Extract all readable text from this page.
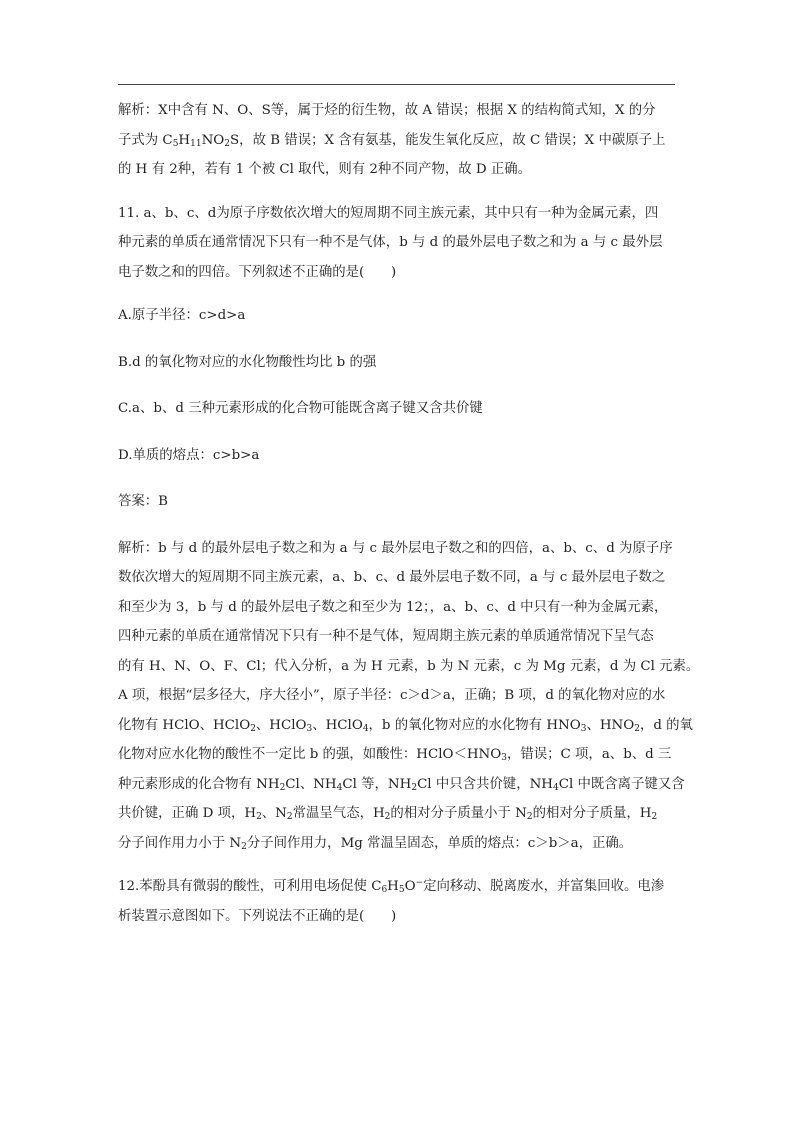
解析：X中含有 N、O、S等，属于烃的衍生物，故 A 错误；根据 X 的结构简式知，X 的分
子式为 $C_5H_{11}NO_2S$，故 B 错误；X 含有氨基，能发生氧化反应，故 C 错误；X 中碳原子上
的 H 有 2种，若有 1 个被 Cl 取代，则有 2种不同产物，故 D 正确。

11. a、b、c、d为原子序数依次增大的短周期不同主族元素，其中只有一种为金属元素，四
种元素的单质在通常情况下只有一种不是气体，b 与 d 的最外层电子数之和为 a 与 c 最外层
电子数之和的四倍。下列叙述不正确的是(　　)

A.原子半径：c>d>a

B.d 的氧化物对应的水化物酸性均比 b 的强

C.a、b、d 三种元素形成的化合物可能既含离子键又含共价键

D.单质的熔点：c>b>a

答案：B

解析：b 与 d 的最外层电子数之和为 a 与 c 最外层电子数之和的四倍，a、b、c、d 为原子序
数依次增大的短周期不同主族元素，a、b、c、d 最外层电子数不同，a 与 c 最外层电子数之
和至少为 3，b 与 d 的最外层电子数之和至少为 12；，a、b、c、d 中只有一种为金属元素，
四种元素的单质在通常情况下只有一种不是气体，短周期主族元素的单质通常情况下呈气态
的有 H、N、O、F、Cl；代入分析，a 为 H 元素，b 为 N 元素，c 为 Mg 元素，d 为 Cl 元素。
A 项，根据“层多径大，序大径小”，原子半径：c＞d＞a，正确；B 项，d 的氧化物对应的水
化物有 HClO、HClO$_2$、HClO$_3$、HClO$_4$，b 的氧化物对应的水化物有 $HNO_3$、$HNO_2$，d 的氧
化物对应水化物的酸性不一定比 b 的强，如酸性：$HClO<HNO_3$，错误；C 项，a、b、d 三
种元素形成的化合物有 $NH_2Cl$、$NH_4Cl$ 等，$NH_2Cl$ 中只含共价键，$NH_4Cl$ 中既含离子键又含
共价键，正确 D 项，$H_2$、$N_2$常温呈气态，$H_2$的相对分子质量小于 $N_2$的相对分子质量，$H_2$
分子间作用力小于 $N_2$分子间作用力，Mg 常温呈固态，单质的熔点：c＞b＞a，正确。

12.苯酚具有微弱的酸性，可利用电场促使 $C_6H_5O^-$定向移动、脱离废水，并富集回收。电渗
析装置示意图如下。下列说法不正确的是(　　)
